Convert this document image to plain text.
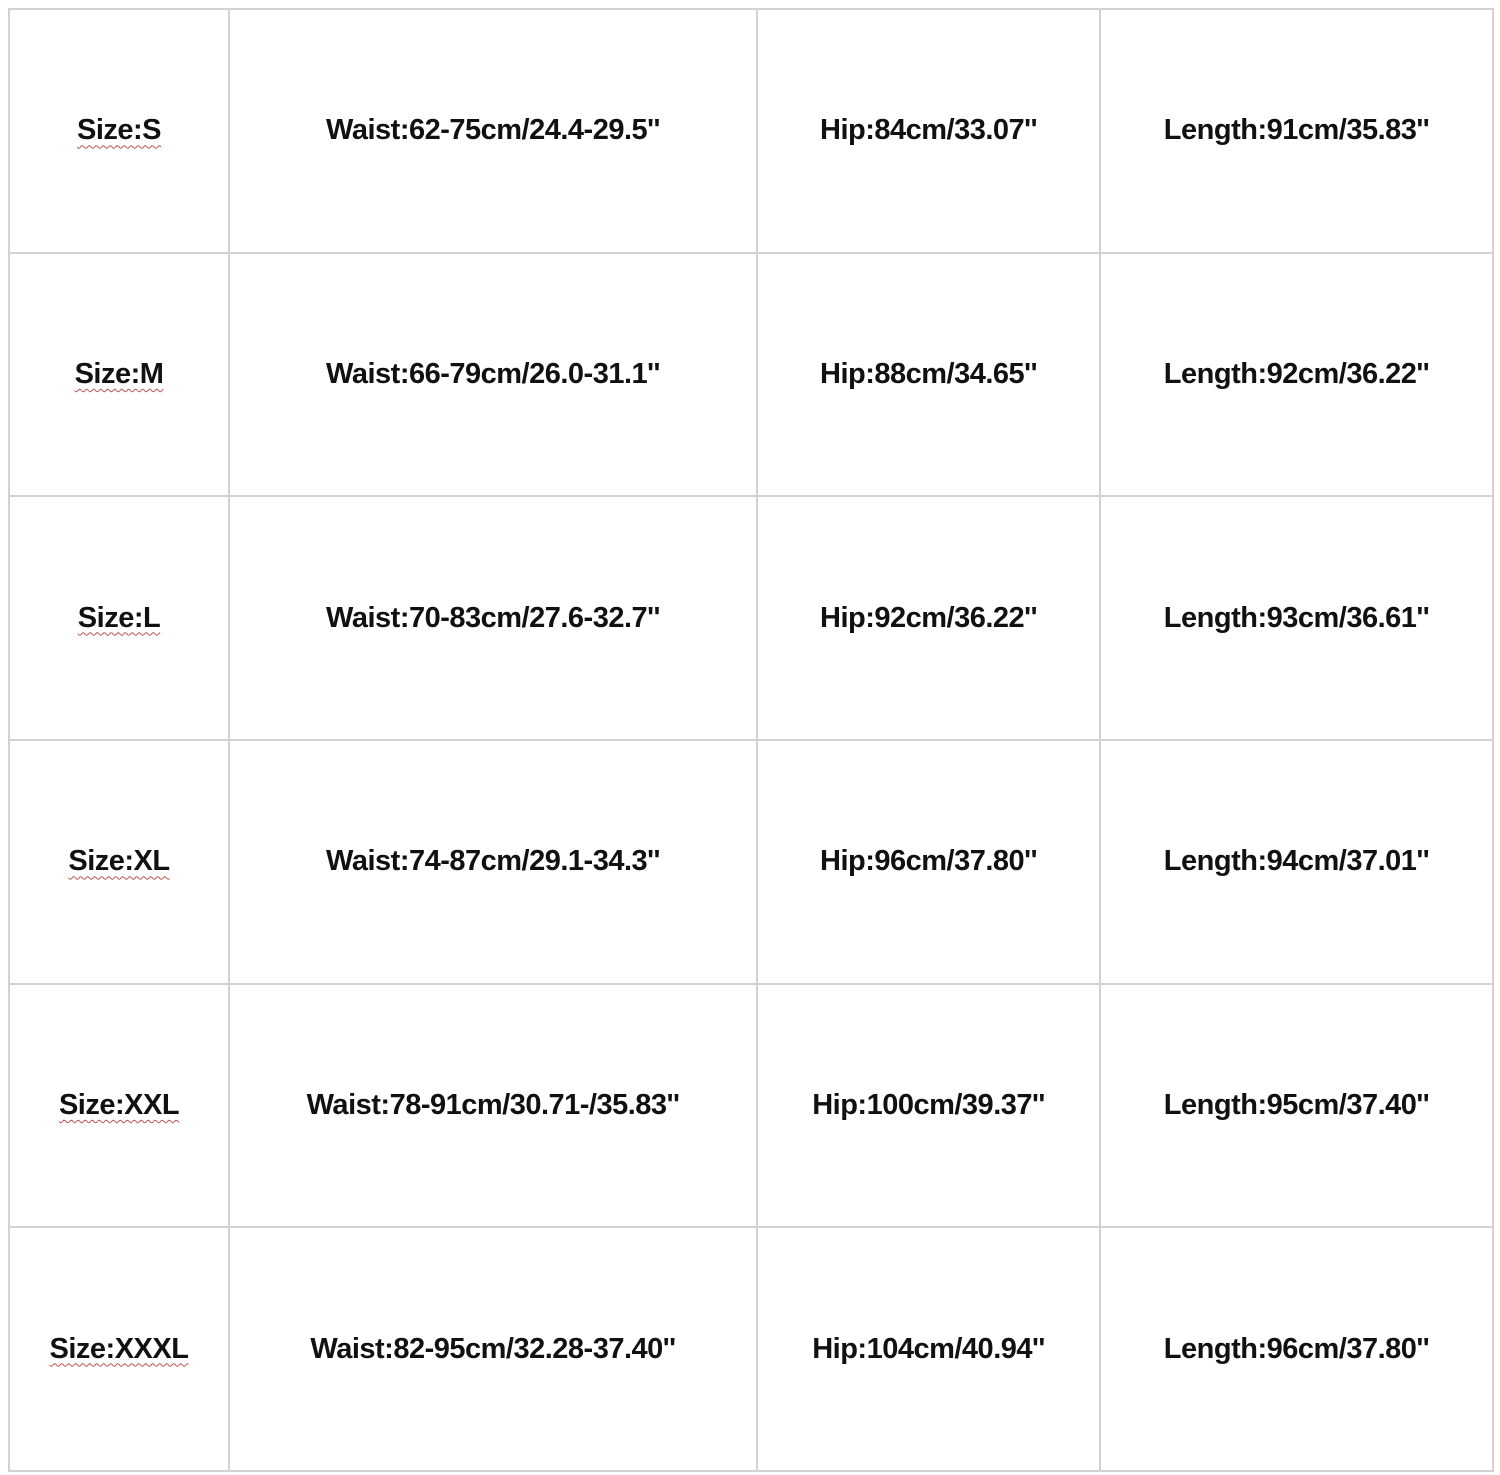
Size:S	Waist:62-75cm/24.4-29.5''	Hip:84cm/33.07''	Length:91cm/35.83''
Size:M	Waist:66-79cm/26.0-31.1''	Hip:88cm/34.65''	Length:92cm/36.22''
Size:L	Waist:70-83cm/27.6-32.7''	Hip:92cm/36.22''	Length:93cm/36.61''
Size:XL	Waist:74-87cm/29.1-34.3''	Hip:96cm/37.80''	Length:94cm/37.01''
Size:XXL	Waist:78-91cm/30.71-/35.83''	Hip:100cm/39.37''	Length:95cm/37.40''
Size:XXXL	Waist:82-95cm/32.28-37.40''	Hip:104cm/40.94''	Length:96cm/37.80''
